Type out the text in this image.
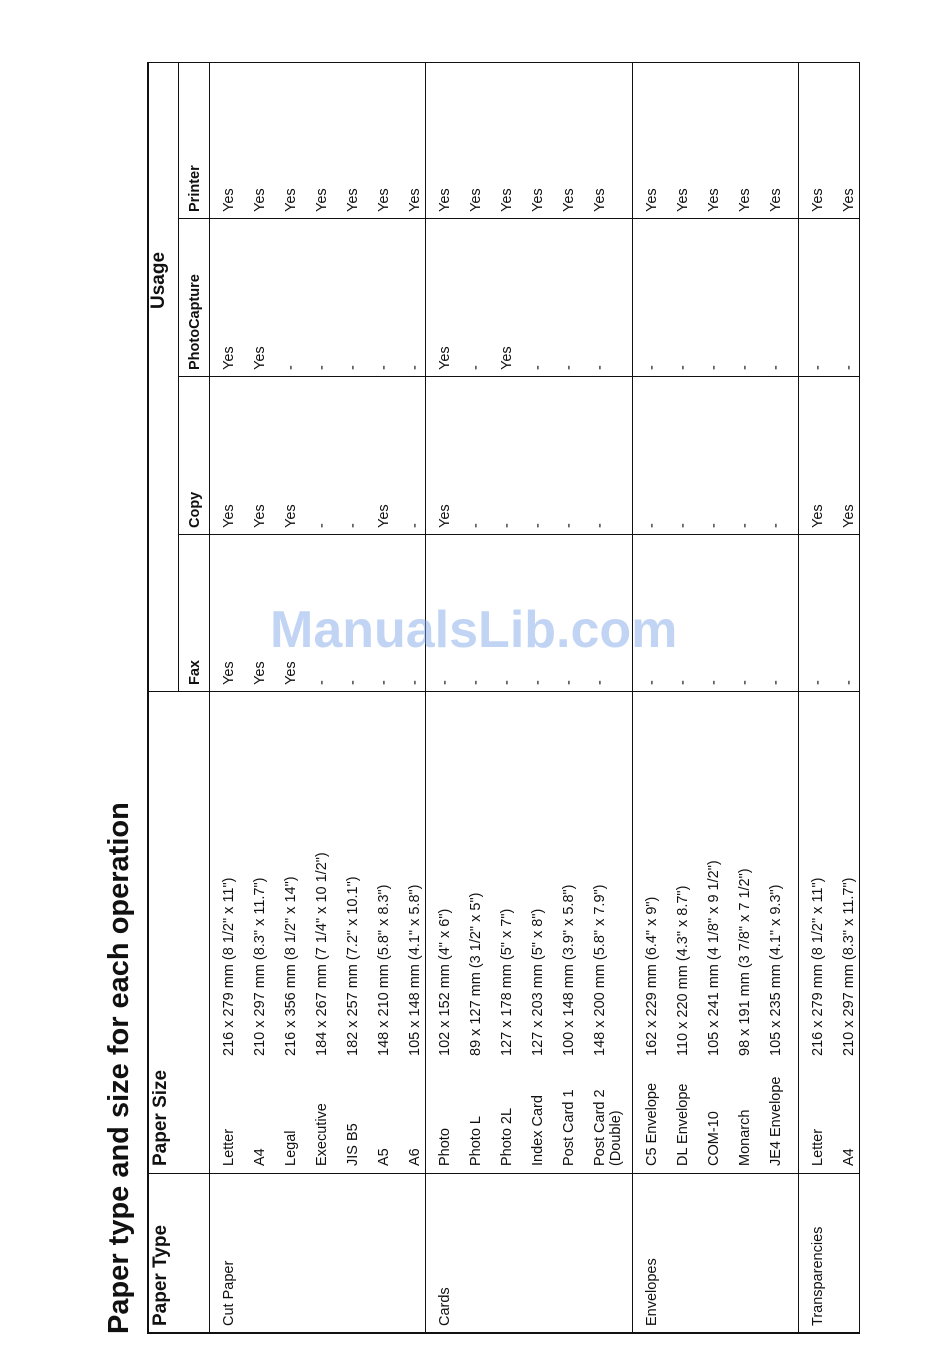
Paper type and size for each operation Paper Type
Paper Size
Usage
Fax
Copy
PhotoCapture
Printer
Cut Paper
Letter
216 x 279 mm (8 1/2" x 11")
Yes
Yes
Yes
Yes
A4
210 x 297 mm (8.3" x 11.7")
Yes
Yes
Yes
Yes
Legal
216 x 356 mm (8 1/2" x 14")
Yes
Yes
-
Yes
Executive
184 x 267 mm (7 1/4" x 10 1/2")
-
-
-
Yes
JIS B5
182 x 257 mm (7.2" x 10.1")
-
-
-
Yes
A5
148 x 210 mm (5.8" x 8.3")
-
Yes
-
Yes
A6
105 x 148 mm (4.1" x 5.8")
-
-
-
Yes
Cards
Photo
102 x 152 mm (4" x 6")
-
Yes
Yes
Yes
Photo L
89 x 127 mm (3 1/2" x 5")
-
-
-
Yes
Photo 2L
127 x 178 mm (5" x 7")
-
-
Yes
Yes
Index Card
127 x 203 mm (5" x 8")
-
-
-
Yes
Post Card 1
100 x 148 mm (3.9" x 5.8")
-
-
-
Yes
Post Card 2 (Double)
148 x 200 mm (5.8" x 7.9")
-
-
-
Yes
Envelopes
C5 Envelope
162 x 229 mm (6.4" x 9")
-
-
-
Yes
DL Envelope
110 x 220 mm (4.3" x 8.7")
-
-
-
Yes
COM-10
105 x 241 mm (4 1/8" x 9 1/2")
-
-
-
Yes
Monarch
98 x 191 mm (3 7/8" x 7 1/2")
-
-
-
Yes
JE4 Envelope
105 x 235 mm (4.1" x 9.3")
-
-
-
Yes
Transparencies
Letter
216 x 279 mm (8 1/2" x 11")
-
Yes
-
Yes
A4
210 x 297 mm (8.3" x 11.7")
-
Yes
-
Yes
ManualsLib.com
